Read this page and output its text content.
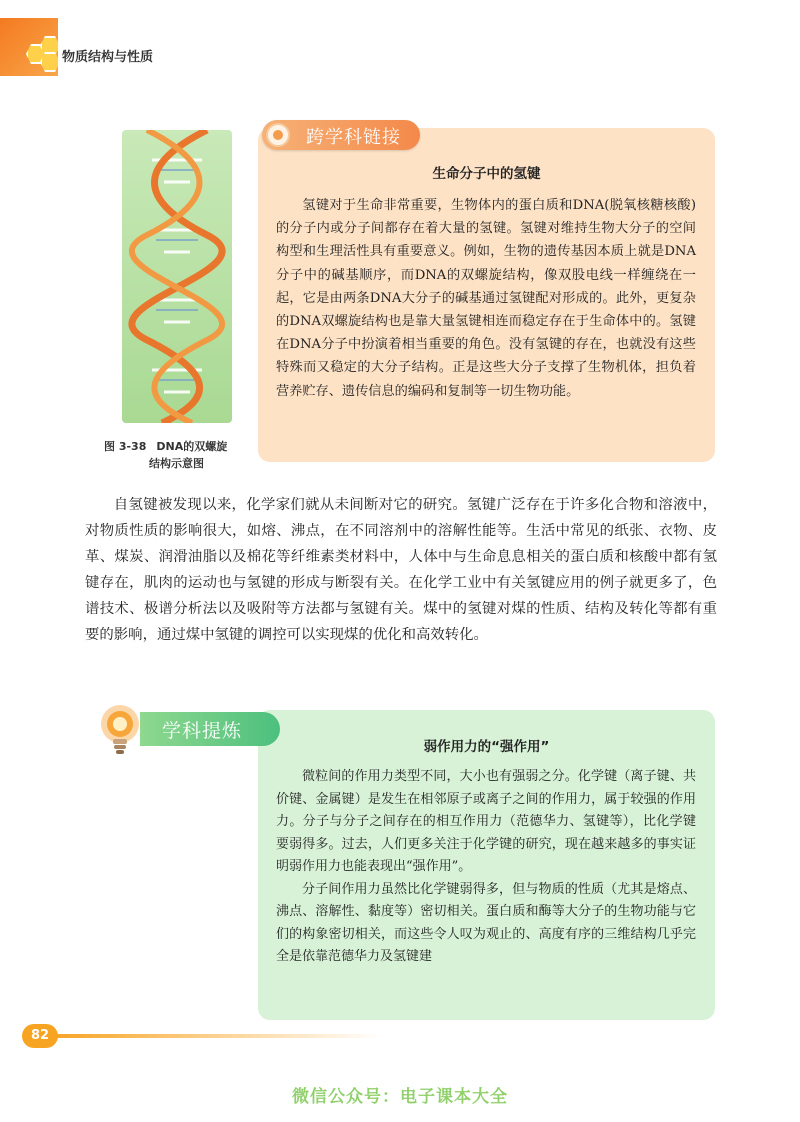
物质结构与性质
图 3-38 DNA的双螺旋
结构示意图
跨学科链接
生命分子中的氢键

氢键对于生命非常重要，生物体内的蛋白质和DNA(脱氧核糖核酸)的分子内或分子间都存在着大量的氢键。氢键对维持生物大分子的空间构型和生理活性具有重要意义。例如，生物的遗传基因本质上就是DNA分子中的碱基顺序，而DNA的双螺旋结构，像双股电线一样缠绕在一起，它是由两条DNA大分子的碱基通过氢键配对形成的。此外，更复杂的DNA双螺旋结构也是靠大量氢键相连而稳定存在于生命体中的。氢键在DNA分子中扮演着相当重要的角色。没有氢键的存在，也就没有这些特殊而又稳定的大分子结构。正是这些大分子支撑了生物机体，担负着营养贮存、遗传信息的编码和复制等一切生物功能。

自氢键被发现以来，化学家们就从未间断对它的研究。氢键广泛存在于许多化合物和溶液中，对物质性质的影响很大，如熔、沸点，在不同溶剂中的溶解性能等。生活中常见的纸张、衣物、皮革、煤炭、润滑油脂以及棉花等纤维素类材料中，人体中与生命息息相关的蛋白质和核酸中都有氢键存在，肌肉的运动也与氢键的形成与断裂有关。在化学工业中有关氢键应用的例子就更多了，色谱技术、极谱分析法以及吸附等方法都与氢键有关。煤中的氢键对煤的性质、结构及转化等都有重要的影响，通过煤中氢键的调控可以实现煤的优化和高效转化。

学科提炼
弱作用力的“强作用”

微粒间的作用力类型不同，大小也有强弱之分。化学键（离子键、共价键、金属键）是发生在相邻原子或离子之间的作用力，属于较强的作用力。分子与分子之间存在的相互作用力（范德华力、氢键等），比化学键要弱得多。过去，人们更多关注于化学键的研究，现在越来越多的事实证明弱作用力也能表现出“强作用”。

分子间作用力虽然比化学键弱得多，但与物质的性质（尤其是熔点、沸点、溶解性、黏度等）密切相关。蛋白质和酶等大分子的生物功能与它们的构象密切相关，而这些令人叹为观止的、高度有序的三维结构几乎完全是依靠范德华力及氢键建

82
微信公众号：电子课本大全
